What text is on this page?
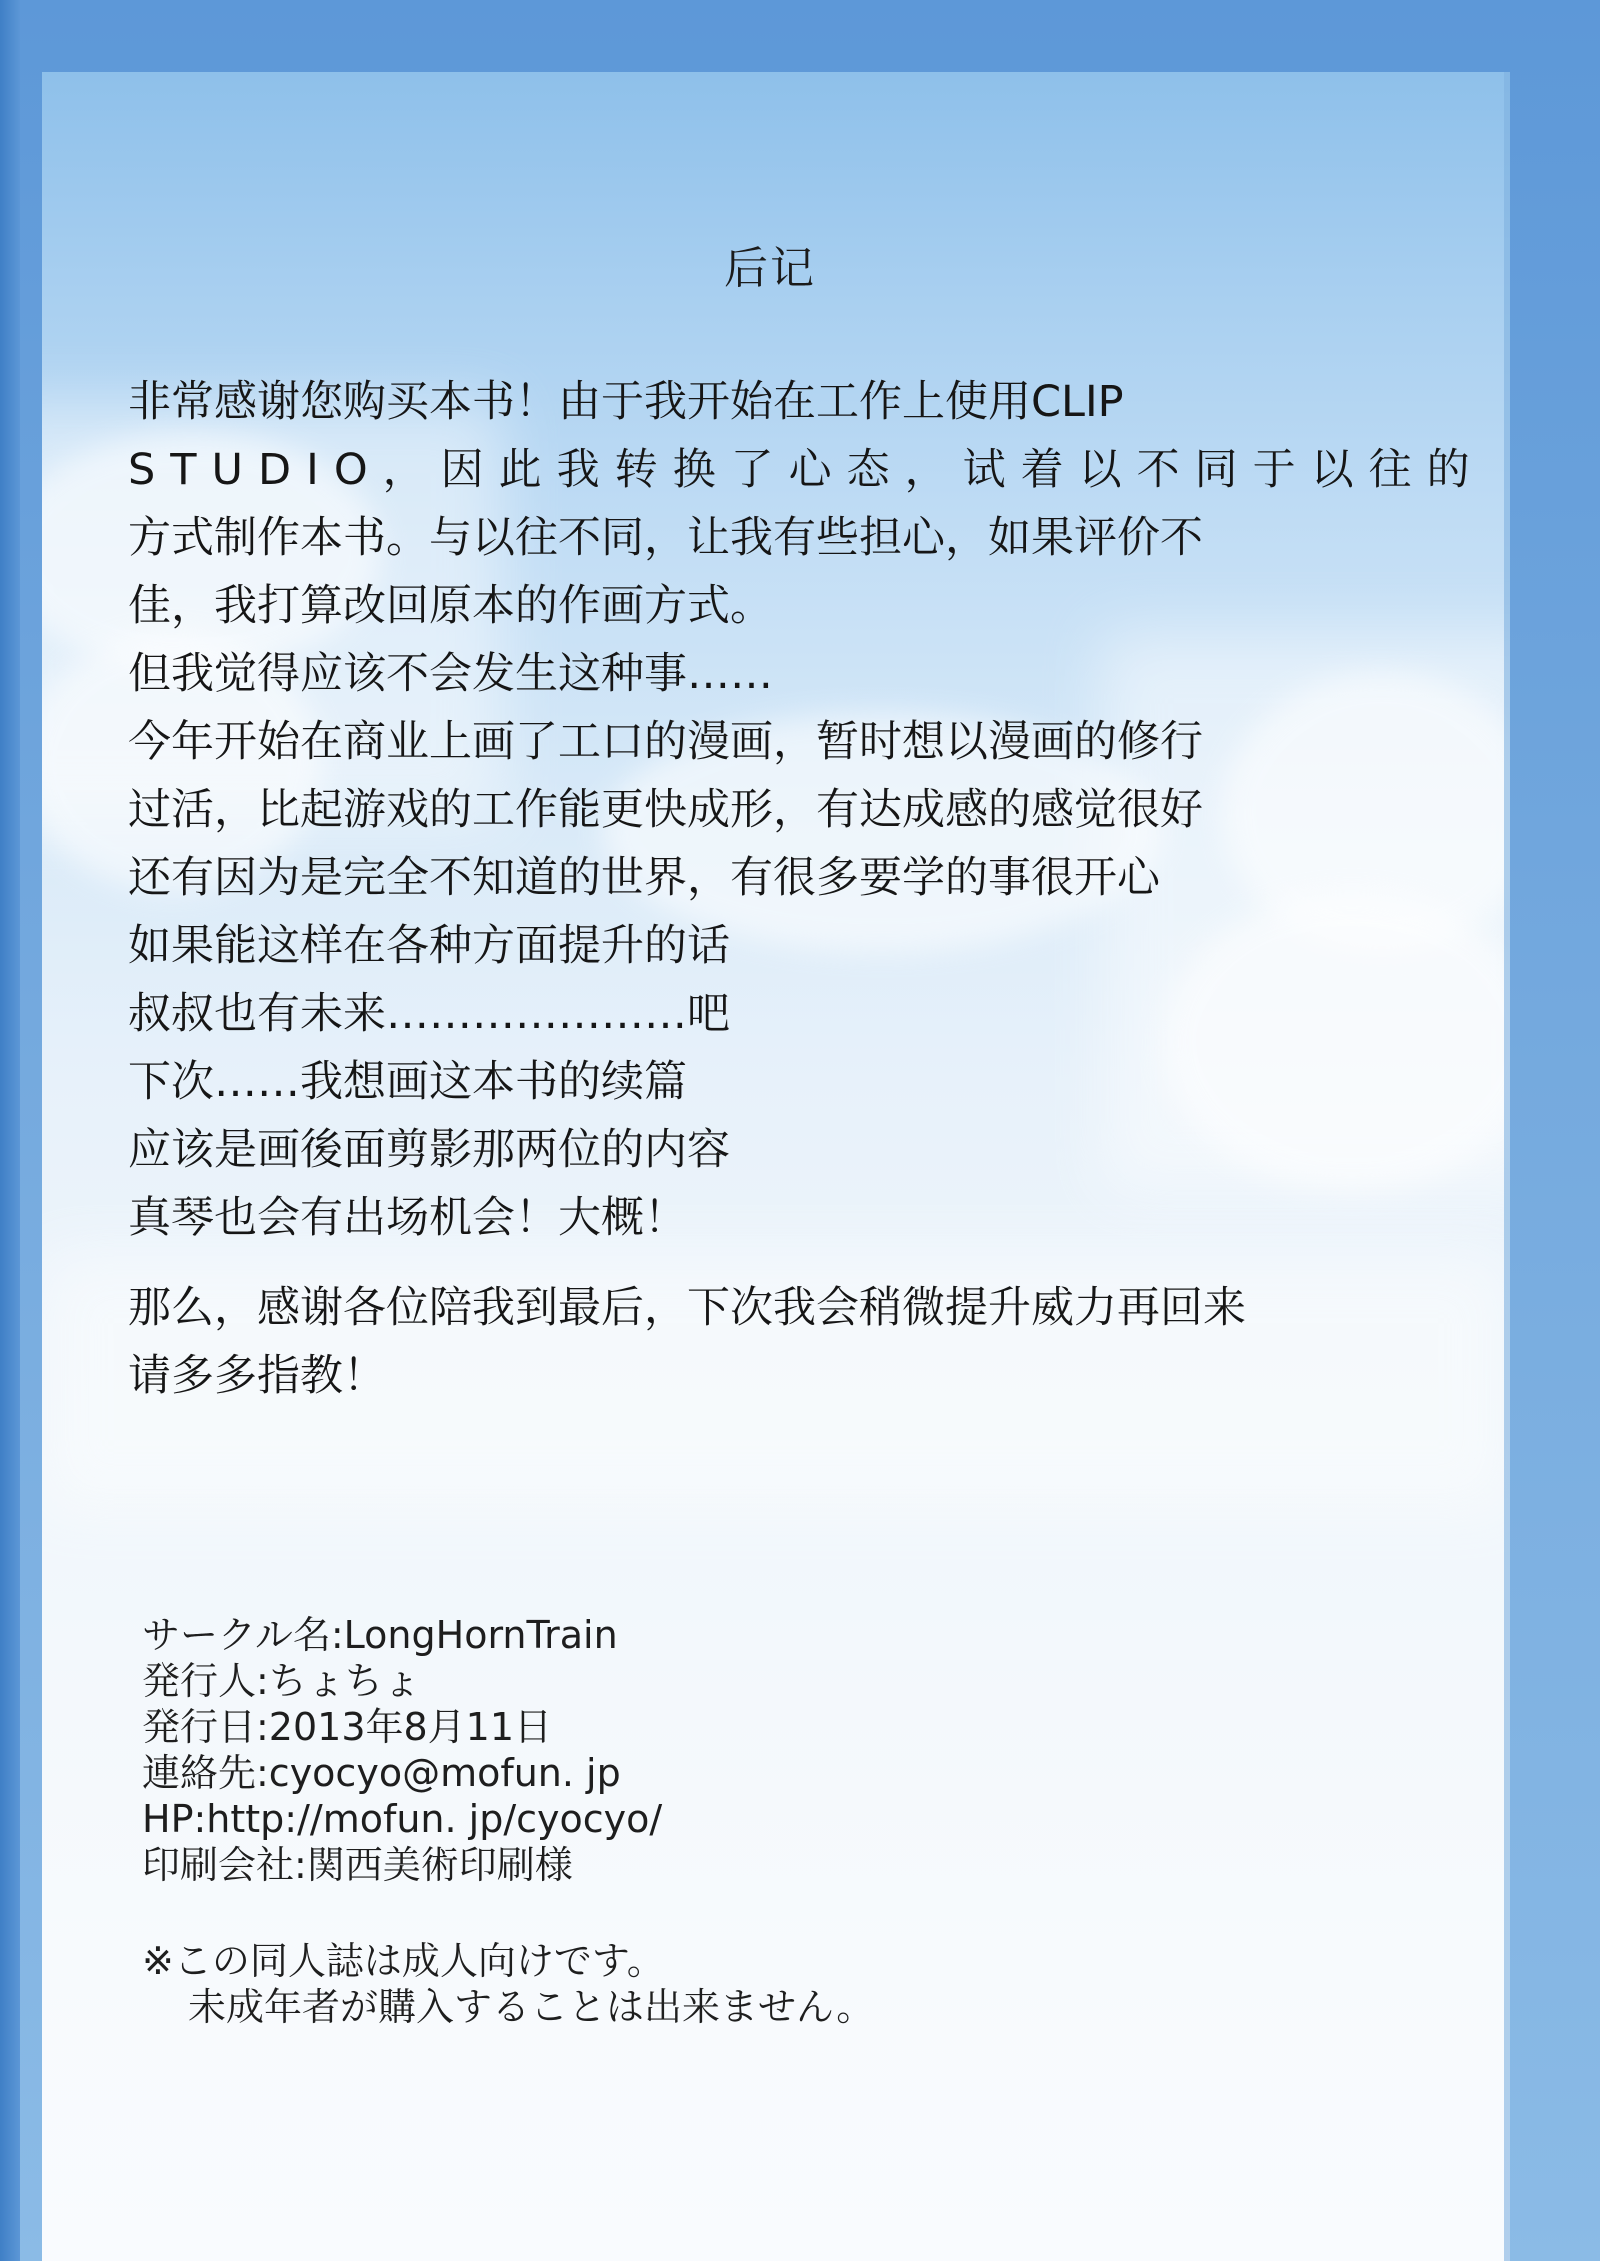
后记
非常感谢您购买本书！由于我开始在工作上使用CLIP
STUDIO，因此我转换了心态，试着以不同于以往的
方式制作本书。与以往不同，让我有些担心，如果评价不
佳，我打算改回原本的作画方式。
但我觉得应该不会发生这种事……
今年开始在商业上画了工口的漫画，暂时想以漫画的修行
过活，比起游戏的工作能更快成形，有达成感的感觉很好
还有因为是完全不知道的世界，有很多要学的事很开心
如果能这样在各种方面提升的话
叔叔也有未来…………………吧
下次……我想画这本书的续篇
应该是画後面剪影那两位的内容
真琴也会有出场机会！大概！
那么，感谢各位陪我到最后，下次我会稍微提升威力再回来
请多多指教！
サークル名:LongHornTrain
発行人:ちょちょ
発行日:2013年8月11日
連絡先:cyocyo@mofun. jp
HP:http://mofun. jp/cyocyo/
印刷会社:関西美術印刷様
※この同人誌は成人向けです。
未成年者が購入することは出来ません。
